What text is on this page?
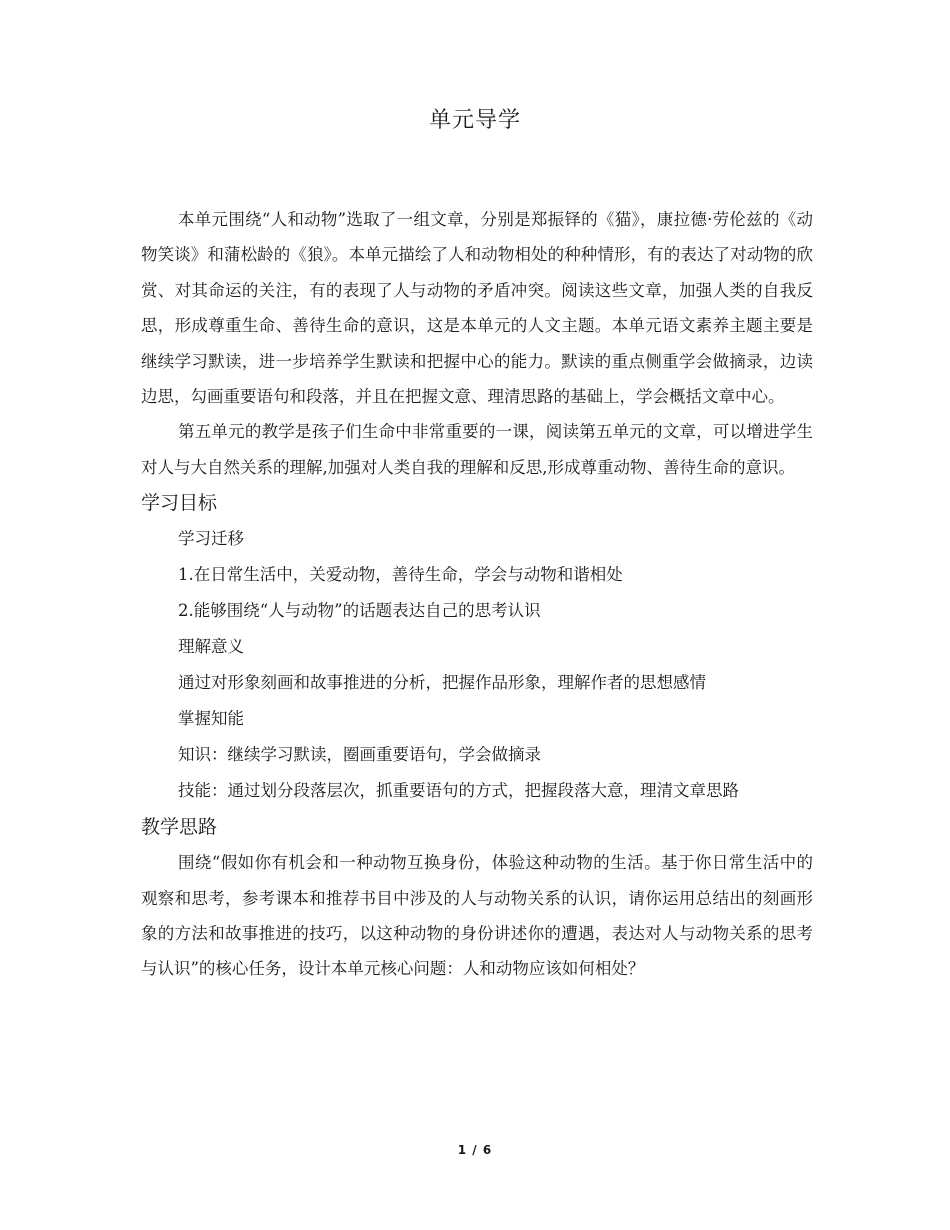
单元导学

本单元围绕“人和动物”选取了一组文章，分别是郑振铎的《猫》，康拉德·劳伦兹的《动物笑谈》和蒲松龄的《狼》。本单元描绘了人和动物相处的种种情形，有的表达了对动物的欣赏、对其命运的关注，有的表现了人与动物的矛盾冲突。阅读这些文章，加强人类的自我反思，形成尊重生命、善待生命的意识，这是本单元的人文主题。本单元语文素养主题主要是继续学习默读，进一步培养学生默读和把握中心的能力。默读的重点侧重学会做摘录，边读边思，勾画重要语句和段落，并且在把握文意、理清思路的基础上，学会概括文章中心。

第五单元的教学是孩子们生命中非常重要的一课，阅读第五单元的文章，可以增进学生对人与大自然关系的理解,加强对人类自我的理解和反思,形成尊重动物、善待生命的意识。

学习目标
学习迁移
1.在日常生活中，关爱动物，善待生命，学会与动物和谐相处
2.能够围绕“人与动物”的话题表达自己的思考认识
理解意义
通过对形象刻画和故事推进的分析，把握作品形象，理解作者的思想感情
掌握知能
知识：继续学习默读，圈画重要语句，学会做摘录
技能：通过划分段落层次，抓重要语句的方式，把握段落大意，理清文章思路
教学思路

围绕“假如你有机会和一种动物互换身份，体验这种动物的生活。基于你日常生活中的观察和思考，参考课本和推荐书目中涉及的人与动物关系的认识，请你运用总结出的刻画形象的方法和故事推进的技巧，以这种动物的身份讲述你的遭遇，表达对人与动物关系的思考与认识”的核心任务，设计本单元核心问题：人和动物应该如何相处？

1 / 6
